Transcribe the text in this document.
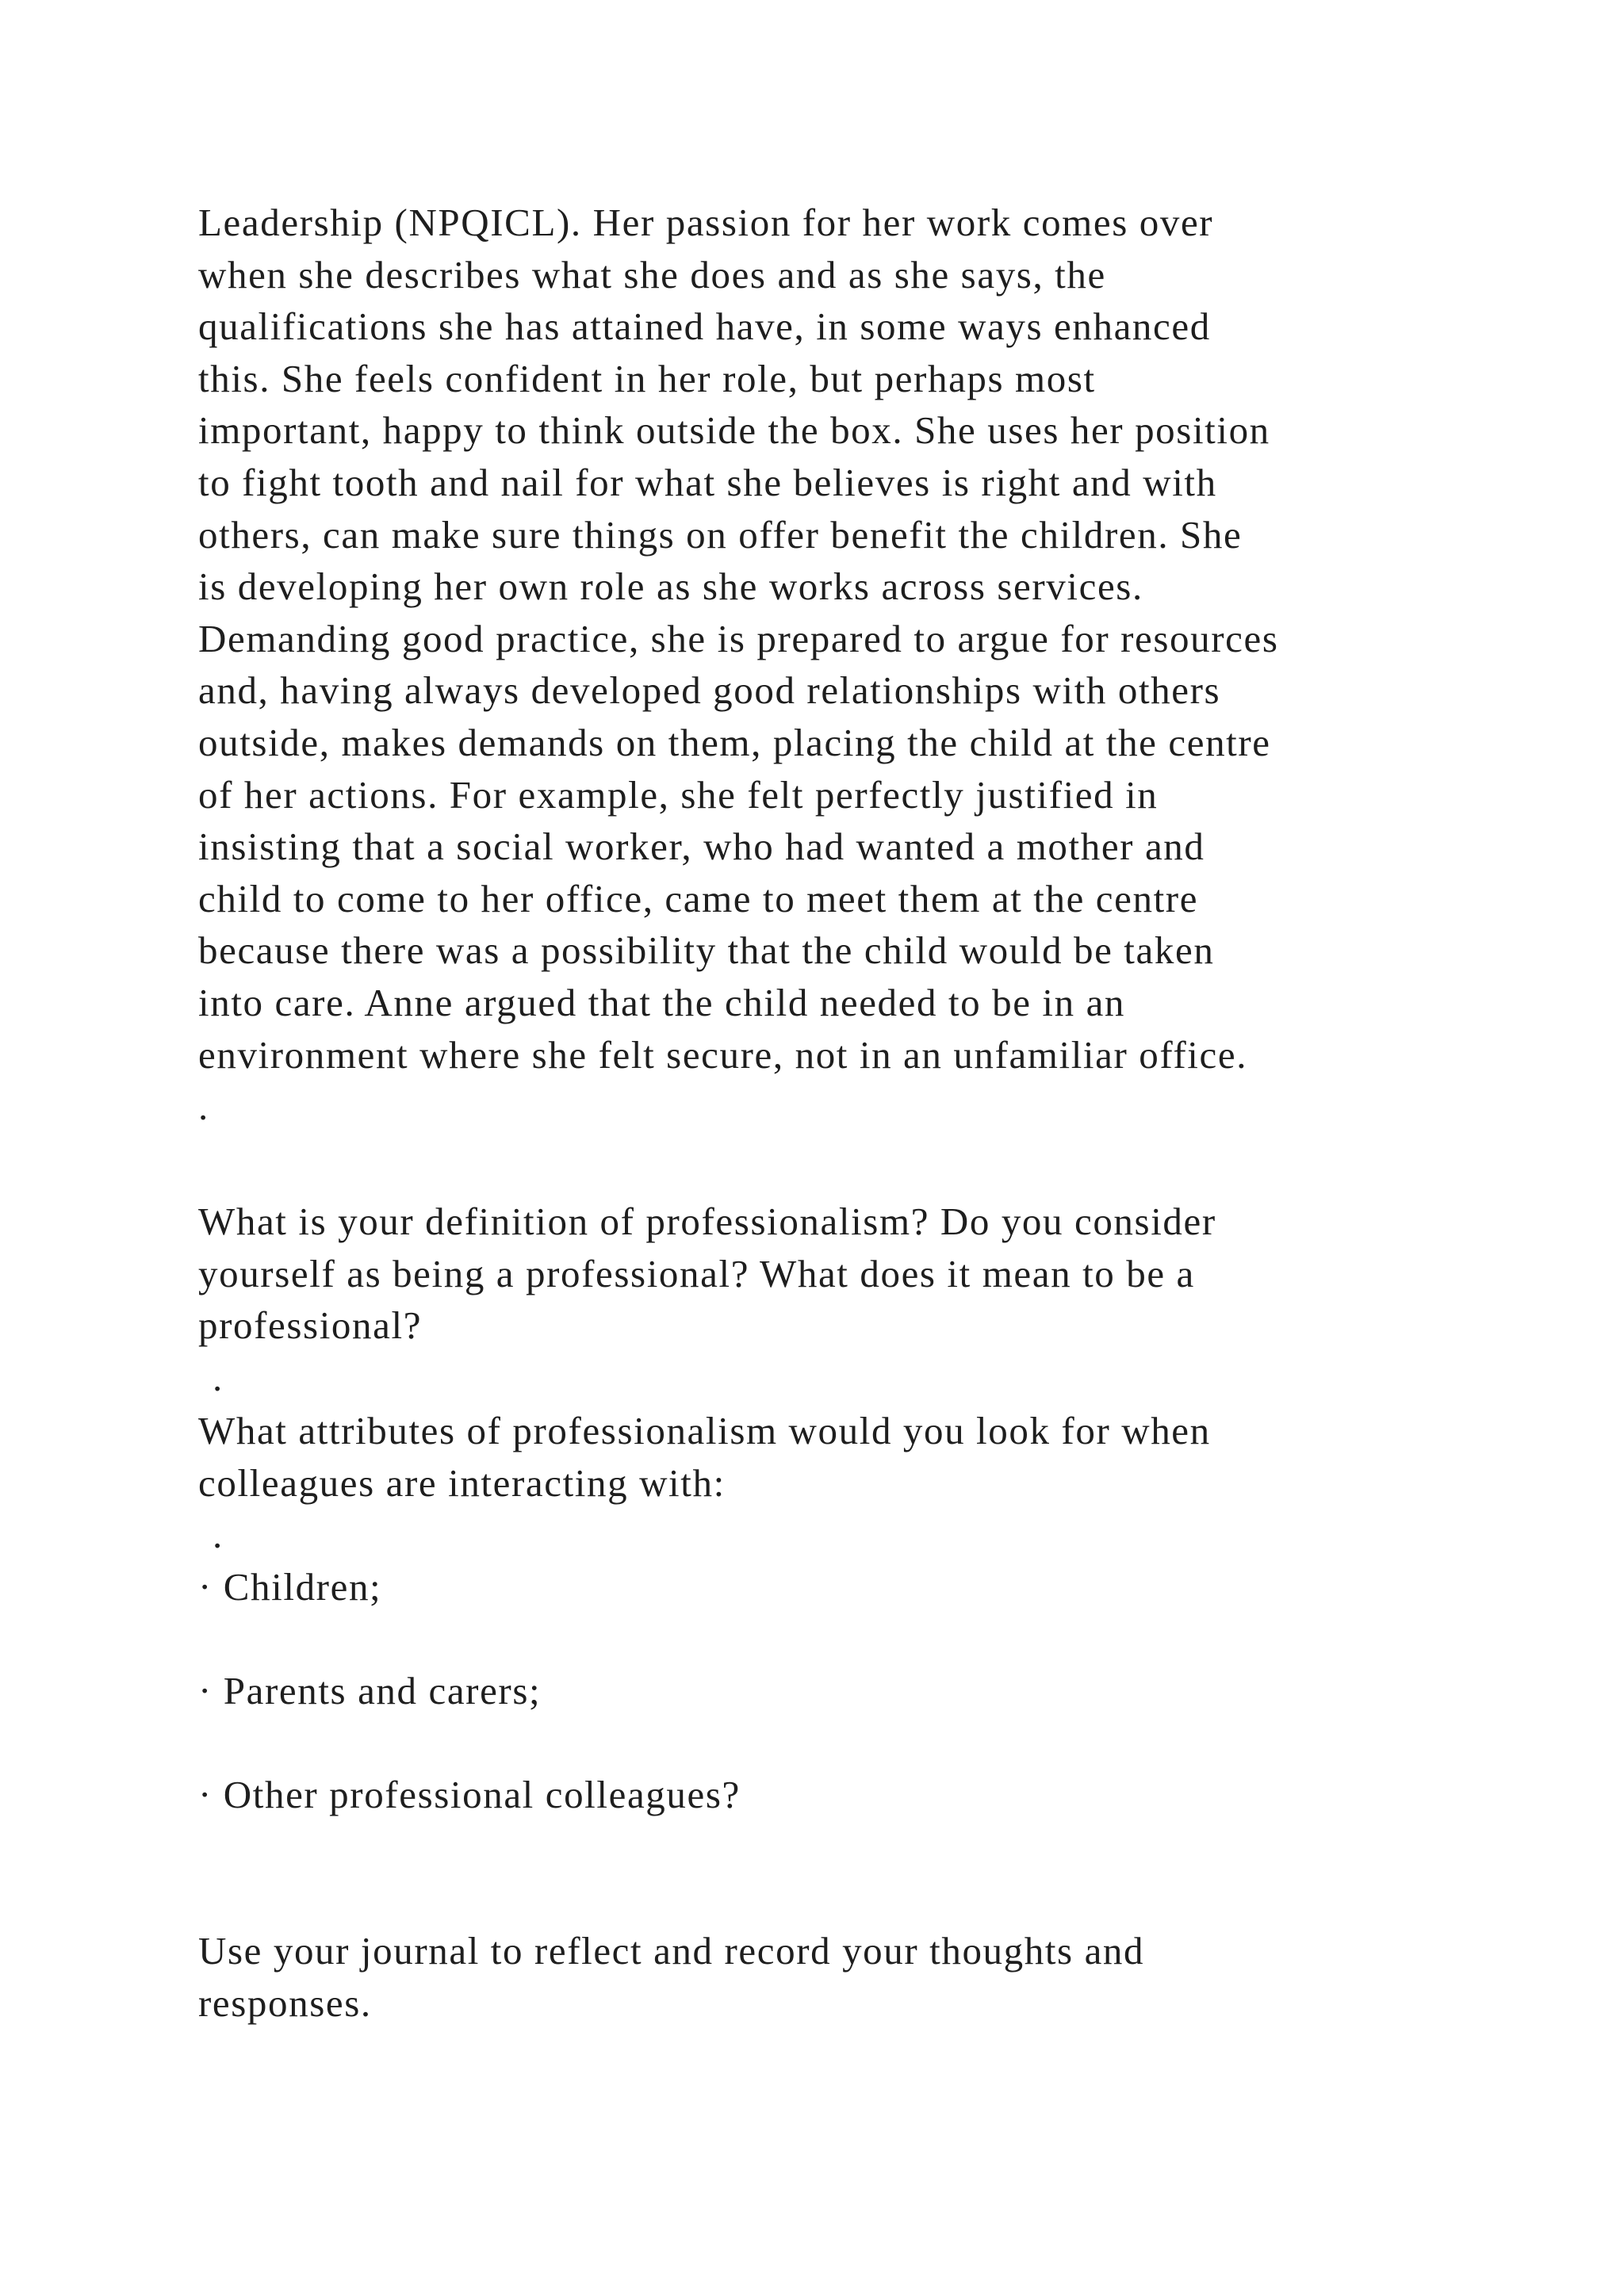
Leadership (NPQICL). Her passion for her work comes over
when she describes what she does and as she says, the
qualifications she has attained have, in some ways enhanced
this. She feels confident in her role, but perhaps most
important, happy to think outside the box. She uses her position
to fight tooth and nail for what she believes is right and with
others, can make sure things on offer benefit the children. She
is developing her own role as she works across services.
Demanding good practice, she is prepared to argue for resources
and, having always developed good relationships with others
outside, makes demands on them, placing the child at the centre
of her actions. For example, she felt perfectly justified in
insisting that a social worker, who had wanted a mother and
child to come to her office, came to meet them at the centre
because there was a possibility that the child would be taken
into care. Anne argued that the child needed to be in an
environment where she felt secure, not in an unfamiliar office.
.
What is your definition of professionalism? Do you consider
yourself as being a professional? What does it mean to be a
professional?
.
What attributes of professionalism would you look for when
colleagues are interacting with:
.
· Children;
· Parents and carers;
· Other professional colleagues?
Use your journal to reflect and record your thoughts and
responses.
